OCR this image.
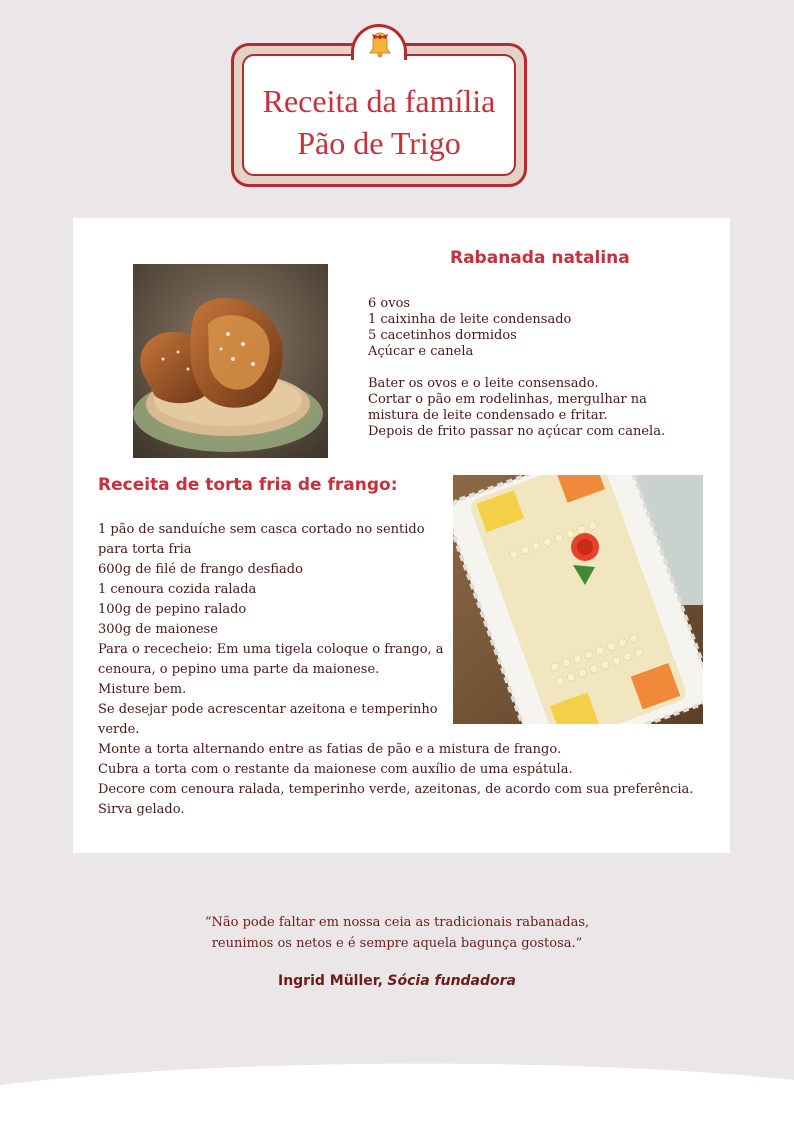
Receita da família
Pão de Trigo
Rabanada natalina
6 ovos
1 caixinha de leite condensado
5 cacetinhos dormidos
Açúcar e canela
Bater os ovos e o leite consensado.
Cortar o pão em rodelinhas, mergulhar na
mistura de leite condensado e fritar.
Depois de frito passar no açúcar com canela.
Receita de torta fria de frango:
1 pão de sanduíche sem casca cortado no sentido
para torta fria
600g de filé de frango desfiado
1 cenoura cozida ralada
100g de pepino ralado
300g de maionese
Para o rececheio: Em uma tigela coloque o frango, a
cenoura, o pepino uma parte da maionese.
Misture bem.
Se desejar pode acrescentar azeitona e temperinho
verde.
Monte a torta alternando entre as fatias de pão e a mistura de frango.
Cubra a torta com o restante da maionese com auxílio de uma espátula.
Decore com cenoura ralada, temperinho verde, azeitonas, de acordo com sua preferência.
Sirva gelado.
“Não pode faltar em nossa ceia as tradicionais rabanadas,
reunimos os netos e é sempre aquela bagunça gostosa.”
Ingrid Müller, Sócia fundadora
